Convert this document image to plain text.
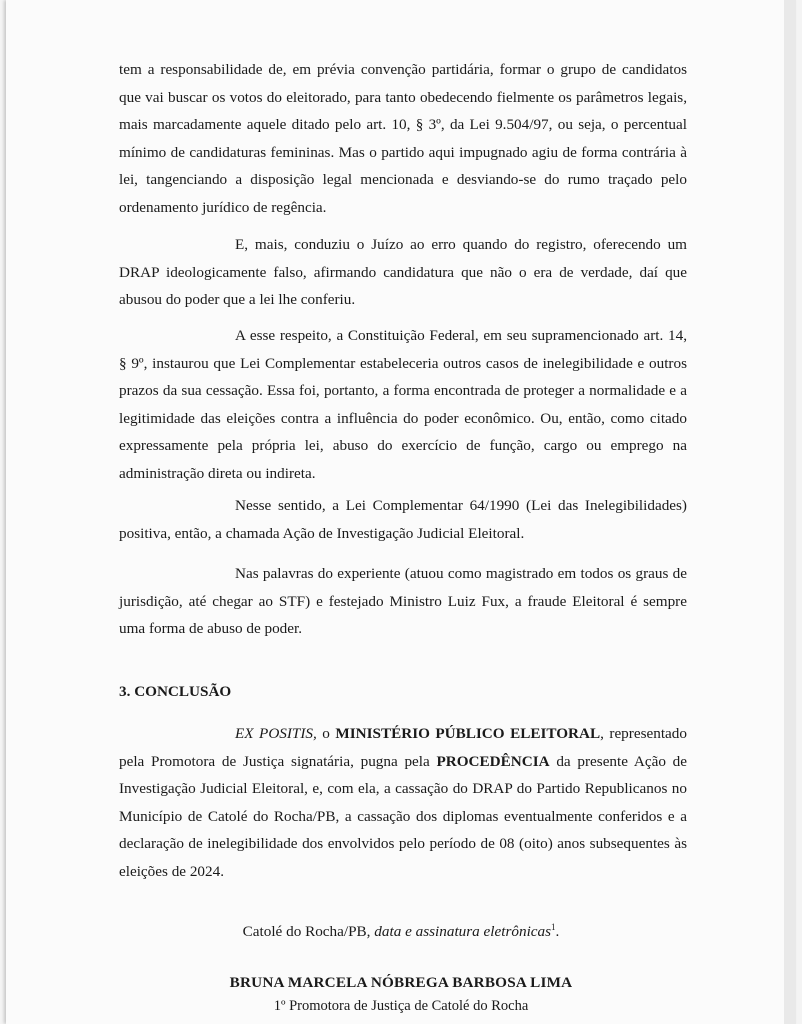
tem a responsabilidade de, em prévia convenção partidária, formar o grupo de candidatos que vai buscar os votos do eleitorado, para tanto obedecendo fielmente os parâmetros legais, mais marcadamente aquele ditado pelo art. 10, § 3º, da Lei 9.504/97, ou seja, o percentual mínimo de candidaturas femininas. Mas o partido aqui impugnado agiu de forma contrária à lei, tangenciando a disposição legal mencionada e desviando-se do rumo traçado pelo ordenamento jurídico de regência.

E, mais, conduziu o Juízo ao erro quando do registro, oferecendo um DRAP ideologicamente falso, afirmando candidatura que não o era de verdade, daí que abusou do poder que a lei lhe conferiu.

A esse respeito, a Constituição Federal, em seu supramencionado art. 14, § 9º, instaurou que Lei Complementar estabeleceria outros casos de inelegibilidade e outros prazos da sua cessação. Essa foi, portanto, a forma encontrada de proteger a normalidade e a legitimidade das eleições contra a influência do poder econômico. Ou, então, como citado expressamente pela própria lei, abuso do exercício de função, cargo ou emprego na administração direta ou indireta.

Nesse sentido, a Lei Complementar 64/1990 (Lei das Inelegibilidades) positiva, então, a chamada Ação de Investigação Judicial Eleitoral.

Nas palavras do experiente (atuou como magistrado em todos os graus de jurisdição, até chegar ao STF) e festejado Ministro Luiz Fux, a fraude Eleitoral é sempre uma forma de abuso de poder.

3. CONCLUSÃO

EX POSITIS, o MINISTÉRIO PÚBLICO ELEITORAL, representado pela Promotora de Justiça signatária, pugna pela PROCEDÊNCIA da presente Ação de Investigação Judicial Eleitoral, e, com ela, a cassação do DRAP do Partido Republicanos no Município de Catolé do Rocha/PB, a cassação dos diplomas eventualmente conferidos e a declaração de inelegibilidade dos envolvidos pelo período de 08 (oito) anos subsequentes às eleições de 2024.

Catolé do Rocha/PB, data e assinatura eletrônicas$^1$.

BRUNA MARCELA NÓBREGA BARBOSA LIMA

1º Promotora de Justiça de Catolé do Rocha
